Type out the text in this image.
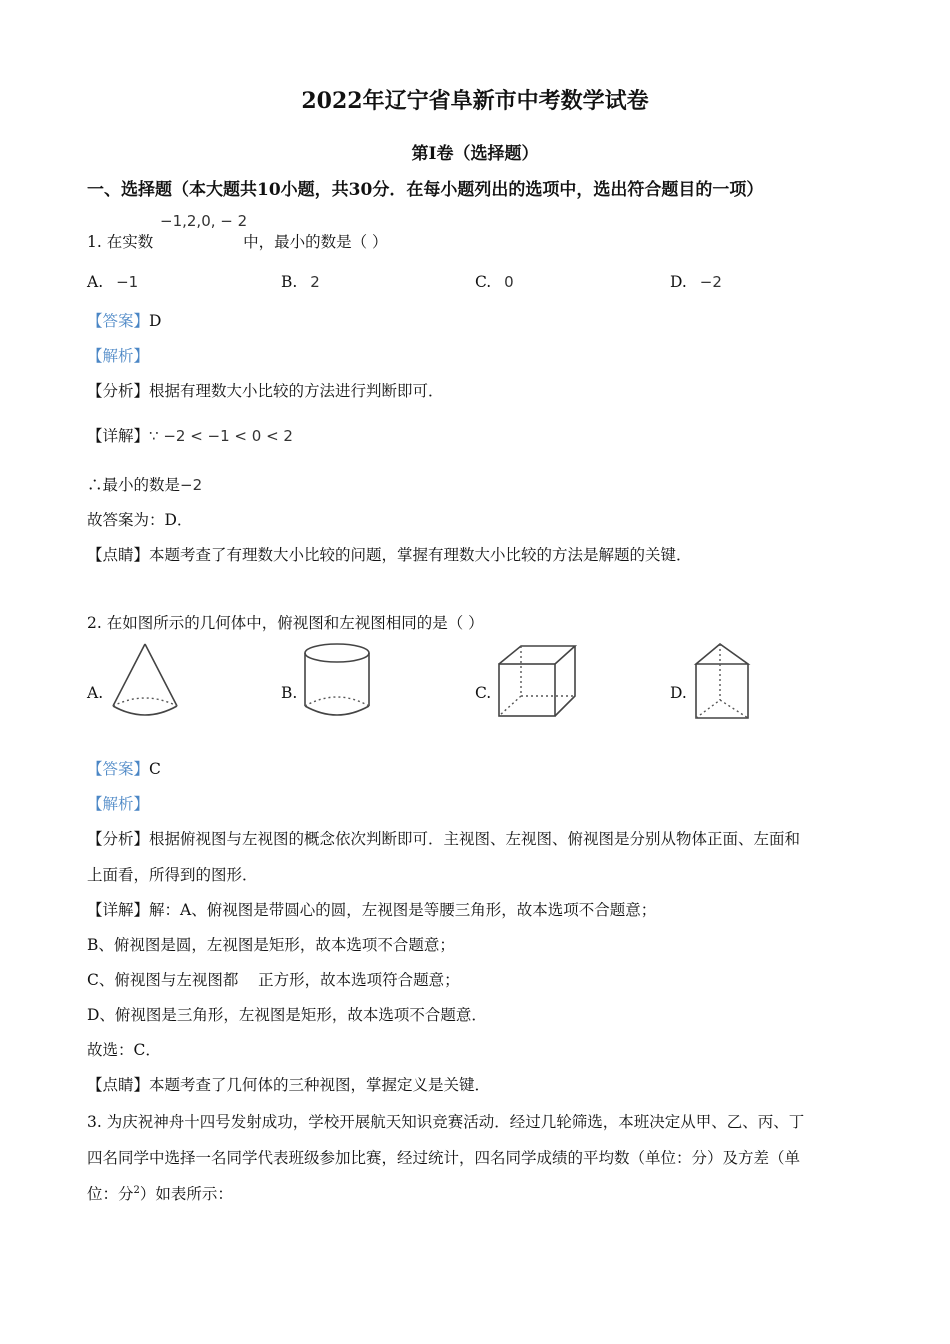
2022年辽宁省阜新市中考数学试卷
第I卷（选择题）
一、选择题（本大题共10小题，共30分．在每小题列出的选项中，选出符合题目的一项）
−1,2,0, − 2
1. 在实数	中，最小的数是（ ）
A. −1	B. 2	C. 0	D. −2
【答案】D
【解析】
【分析】根据有理数大小比较的方法进行判断即可．
【详解】∵ −2 < −1 < 0 < 2
∴最小的数是−2
故答案为：D．
【点睛】本题考查了有理数大小比较的问题，掌握有理数大小比较的方法是解题的关键．
2. 在如图所示的几何体中，俯视图和左视图相同的是（ ）
A.	B.	C.	D.
【答案】C
【解析】
【分析】根据俯视图与左视图的概念依次判断即可．主视图、左视图、俯视图是分别从物体正面、左面和
上面看，所得到的图形．
【详解】解：A、俯视图是带圆心的圆，左视图是等腰三角形，故本选项不合题意；
B、俯视图是圆，左视图是矩形，故本选项不合题意；
C、俯视图与左视图都    正方形，故本选项符合题意；
D、俯视图是三角形，左视图是矩形，故本选项不合题意．
故选：C．
【点睛】本题考查了几何体的三种视图，掌握定义是关键．
3. 为庆祝神舟十四号发射成功，学校开展航天知识竞赛活动．经过几轮筛选，本班决定从甲、乙、丙、丁
四名同学中选择一名同学代表班级参加比赛，经过统计，四名同学成绩的平均数（单位：分）及方差（单
位：分$^2$）如表所示：
